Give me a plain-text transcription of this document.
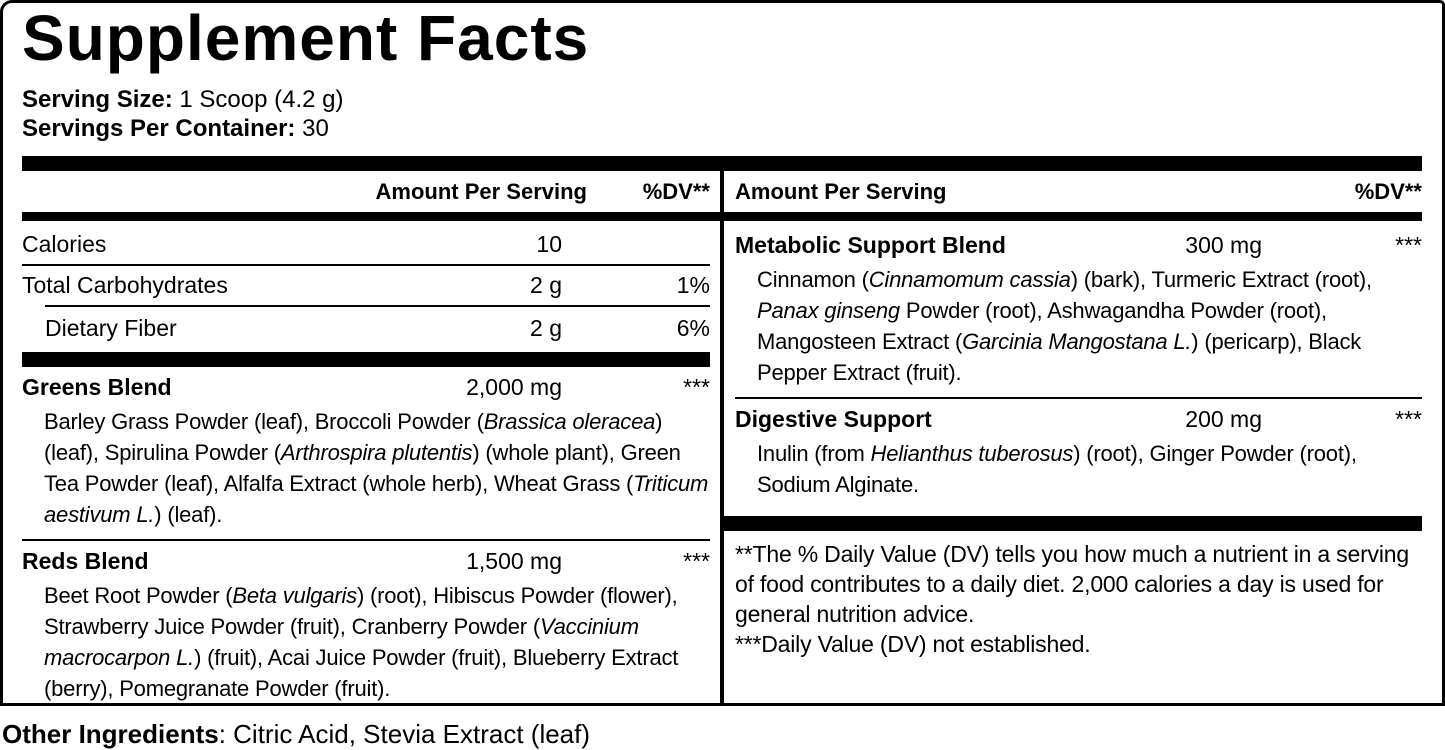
Supplement Facts
Serving Size: 1 Scoop (4.2 g)
Servings Per Container: 30
Amount Per Serving	%DV** Amount Per Serving	%DV**
Calories	10
Total Carbohydrates	2 g	1%
Dietary Fiber	2 g	6%
Greens Blend	2,000 mg	***

Barley Grass Powder (leaf), Broccoli Powder (Brassica oleracea) (leaf), Spirulina Powder (Arthrospira plutentis) (whole plant), Green Tea Powder (leaf), Alfalfa Extract (whole herb), Wheat Grass (Triticum aestivum L.) (leaf).

Reds Blend	1,500 mg	***

Beet Root Powder (Beta vulgaris) (root), Hibiscus Powder (flower), Strawberry Juice Powder (fruit), Cranberry Powder (Vaccinium macrocarpon L.) (fruit), Acai Juice Powder (fruit), Blueberry Extract (berry), Pomegranate Powder (fruit).

Metabolic Support Blend	300 mg	***

Cinnamon (Cinnamomum cassia) (bark), Turmeric Extract (root), Panax ginseng Powder (root), Ashwagandha Powder (root), Mangosteen Extract (Garcinia Mangostana L.) (pericarp), Black Pepper Extract (fruit).

Digestive Support	200 mg	***

Inulin (from Helianthus tuberosus) (root), Ginger Powder (root), Sodium Alginate.

**The % Daily Value (DV) tells you how much a nutrient in a serving of food contributes to a daily diet. 2,000 calories a day is used for general nutrition advice.

***Daily Value (DV) not established.

Other Ingredients: Citric Acid, Stevia Extract (leaf)
